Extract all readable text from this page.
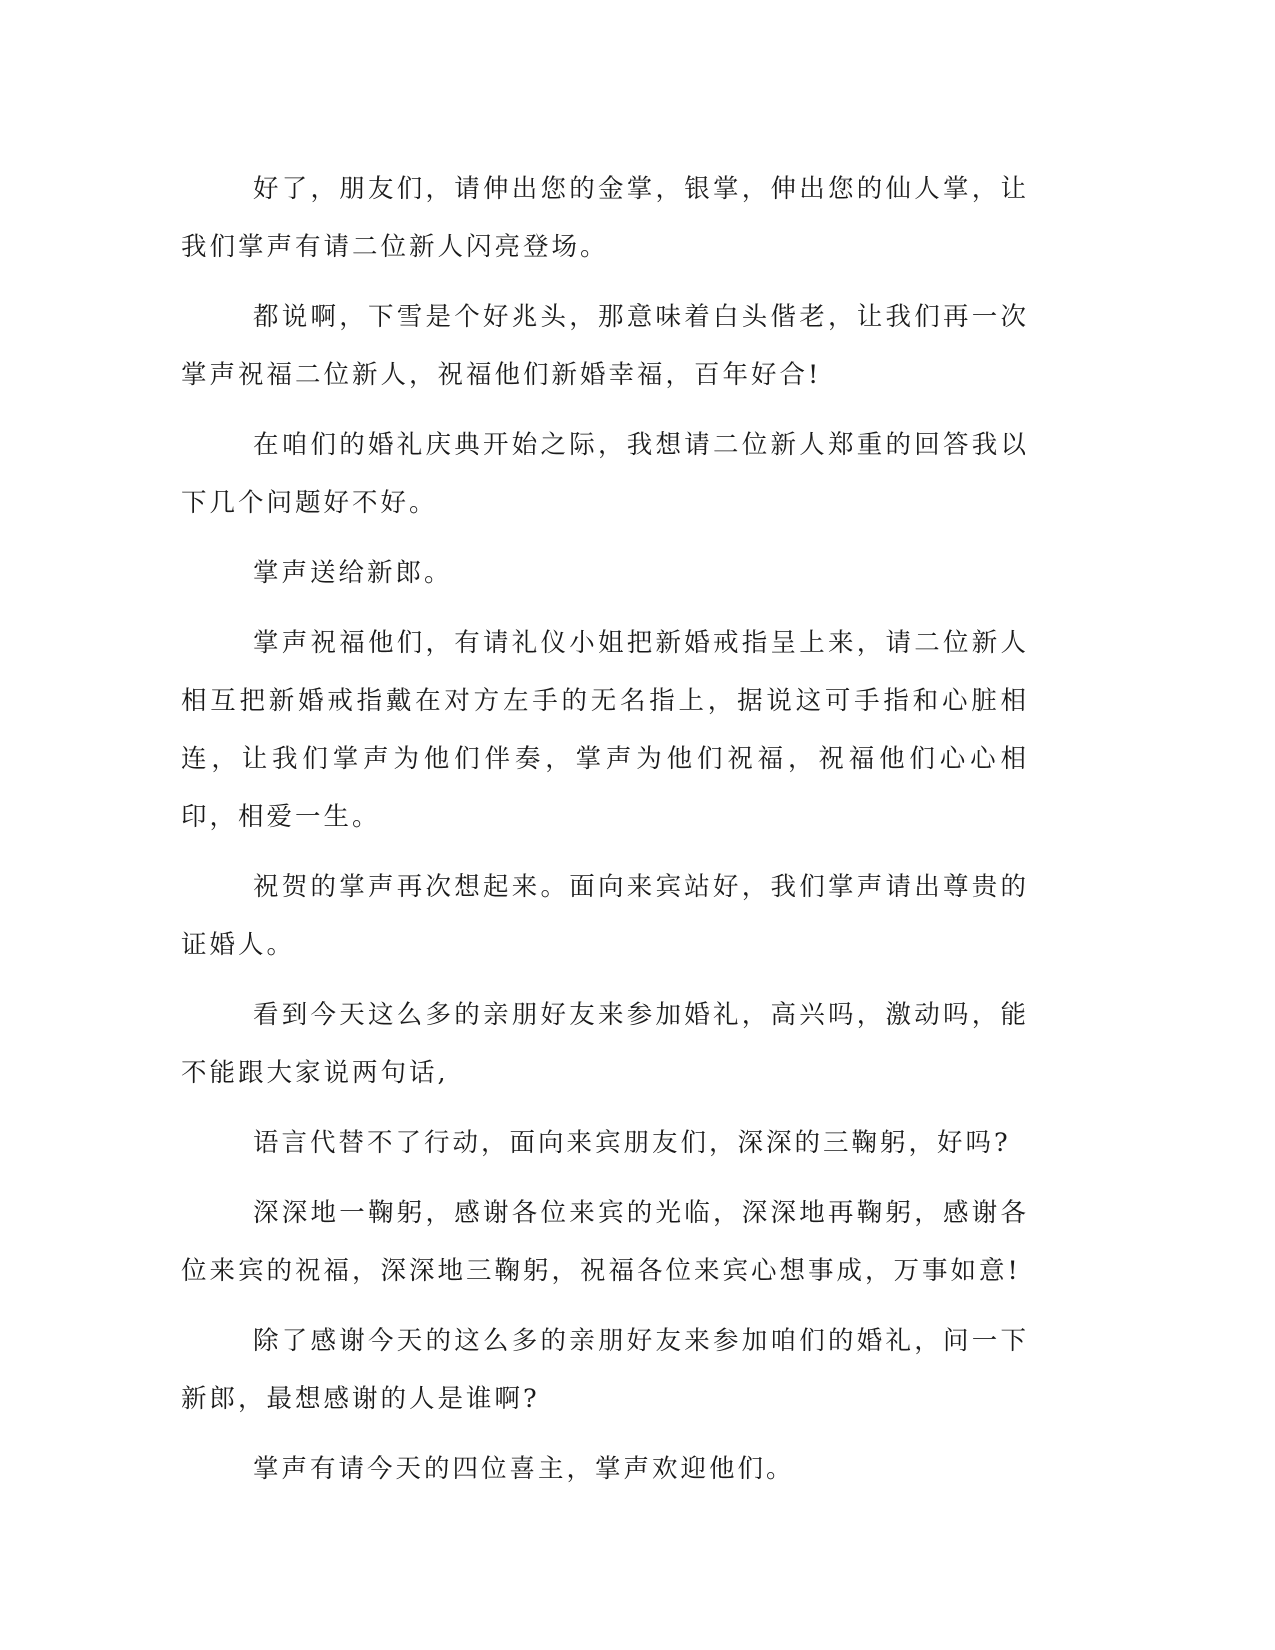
好了，朋友们，请伸出您的金掌，银掌，伸出您的仙人掌，让我们掌声有请二位新人闪亮登场。

都说啊，下雪是个好兆头，那意味着白头偕老，让我们再一次掌声祝福二位新人，祝福他们新婚幸福，百年好合!

在咱们的婚礼庆典开始之际，我想请二位新人郑重的回答我以下几个问题好不好。

掌声送给新郎。

掌声祝福他们，有请礼仪小姐把新婚戒指呈上来，请二位新人相互把新婚戒指戴在对方左手的无名指上，据说这可手指和心脏相连，让我们掌声为他们伴奏，掌声为他们祝福，祝福他们心心相印，相爱一生。

祝贺的掌声再次想起来。面向来宾站好，我们掌声请出尊贵的证婚人。

看到今天这么多的亲朋好友来参加婚礼，高兴吗，激动吗，能不能跟大家说两句话,

语言代替不了行动，面向来宾朋友们，深深的三鞠躬，好吗?

深深地一鞠躬，感谢各位来宾的光临，深深地再鞠躬，感谢各位来宾的祝福，深深地三鞠躬，祝福各位来宾心想事成，万事如意!

除了感谢今天的这么多的亲朋好友来参加咱们的婚礼，问一下新郎，最想感谢的人是谁啊?

掌声有请今天的四位喜主，掌声欢迎他们。
